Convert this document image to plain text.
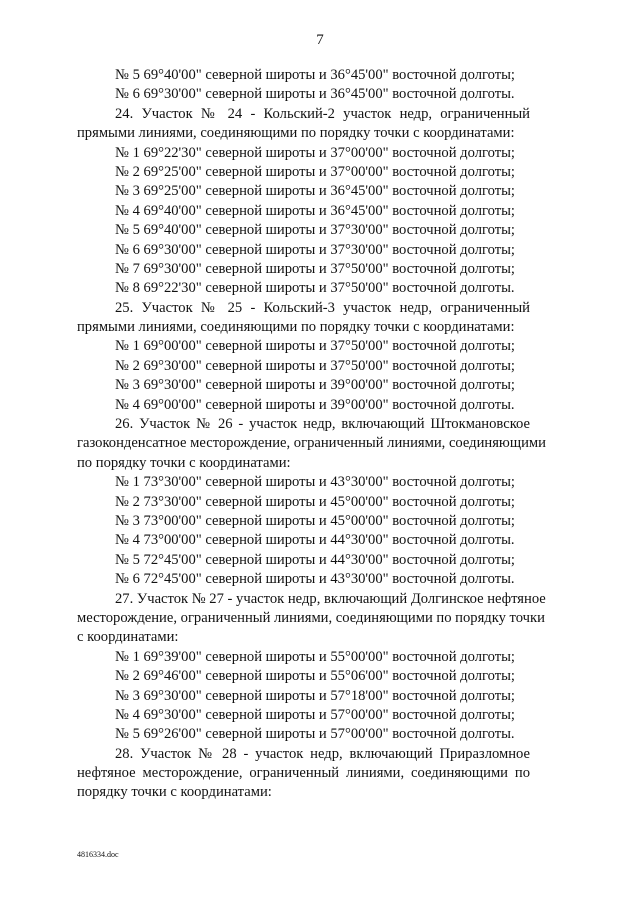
7
№ 5 69°40'00" северной широты и 36°45'00" восточной долготы;
№ 6 69°30'00" северной широты и 36°45'00" восточной долготы.
24. Участок № 24 - Кольский-2 участок недр, ограниченный
прямыми линиями, соединяющими по порядку точки с координатами:
№ 1 69°22'30" северной широты и 37°00'00" восточной долготы;
№ 2 69°25'00" северной широты и 37°00'00" восточной долготы;
№ 3 69°25'00" северной широты и 36°45'00" восточной долготы;
№ 4 69°40'00" северной широты и 36°45'00" восточной долготы;
№ 5 69°40'00" северной широты и 37°30'00" восточной долготы;
№ 6 69°30'00" северной широты и 37°30'00" восточной долготы;
№ 7 69°30'00" северной широты и 37°50'00" восточной долготы;
№ 8 69°22'30" северной широты и 37°50'00" восточной долготы.
25. Участок № 25 - Кольский-3 участок недр, ограниченный
прямыми линиями, соединяющими по порядку точки с координатами:
№ 1 69°00'00" северной широты и 37°50'00" восточной долготы;
№ 2 69°30'00" северной широты и 37°50'00" восточной долготы;
№ 3 69°30'00" северной широты и 39°00'00" восточной долготы;
№ 4 69°00'00" северной широты и 39°00'00" восточной долготы.
26. Участок № 26 - участок недр, включающий Штокмановское
газоконденсатное месторождение, ограниченный линиями, соединяющими
по порядку точки с координатами:
№ 1 73°30'00" северной широты и 43°30'00" восточной долготы;
№ 2 73°30'00" северной широты и 45°00'00" восточной долготы;
№ 3 73°00'00" северной широты и 45°00'00" восточной долготы;
№ 4 73°00'00" северной широты и 44°30'00" восточной долготы.
№ 5 72°45'00" северной широты и 44°30'00" восточной долготы;
№ 6 72°45'00" северной широты и 43°30'00" восточной долготы.
27. Участок № 27 - участок недр, включающий Долгинское нефтяное
месторождение, ограниченный линиями, соединяющими по порядку точки
с координатами:
№ 1 69°39'00" северной широты и 55°00'00" восточной долготы;
№ 2 69°46'00" северной широты и 55°06'00" восточной долготы;
№ 3 69°30'00" северной широты и 57°18'00" восточной долготы;
№ 4 69°30'00" северной широты и 57°00'00" восточной долготы;
№ 5 69°26'00" северной широты и 57°00'00" восточной долготы.
28. Участок № 28 - участок недр, включающий Приразломное
нефтяное месторождение, ограниченный линиями, соединяющими по
порядку точки с координатами:
4816334.doc
